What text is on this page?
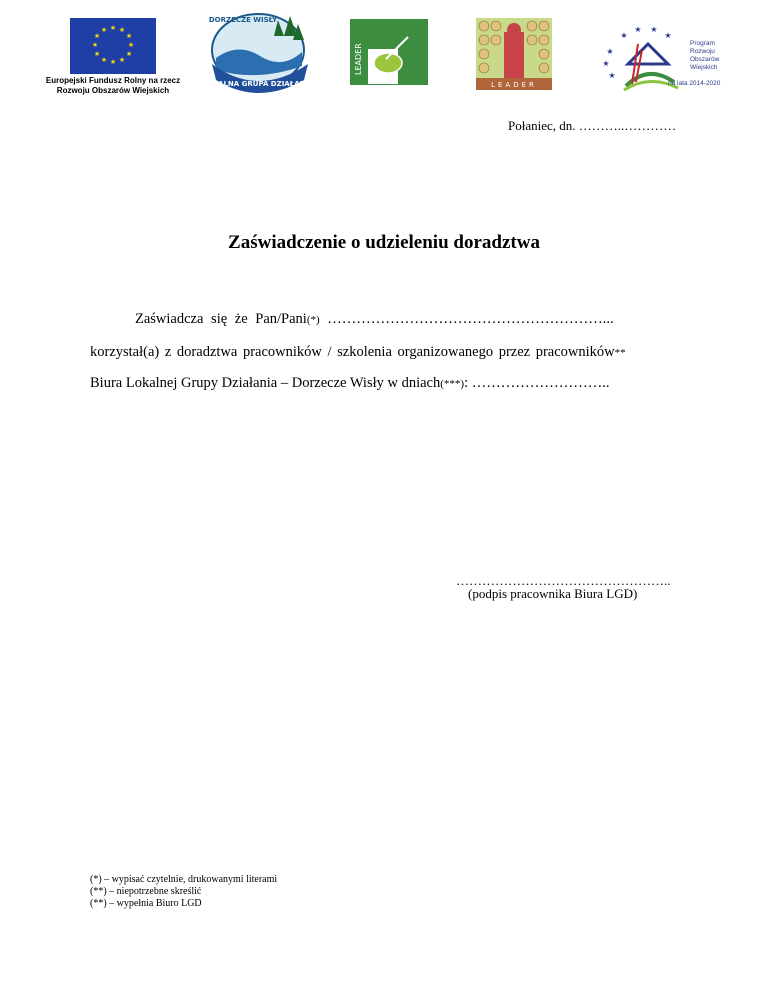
★ ★
★
★
★
★
★
★
★
★
★
★
Europejski Fundusz Rolny na rzecz
Rozwoju Obszarów Wiejskich
LOKALNA GRUPA DZIAŁANIA
DORZECZE WISŁY
LEADER
LEADER
★
★
★
★
★ ★
★
Program
Rozwoju
Obszarów
Wiejskich
na lata 2014-2020
Połaniec, dn. ………..…………
Zaświadczenie o udzieleniu doradztwa
Zaświadcza się że Pan/Pani(*) …………………………………………………...
korzystał(a) z doradztwa pracowników / szkolenia organizowanego przez pracowników**
Biura Lokalnej Grupy Działania – Dorzecze Wisły w dniach(***): ………………………..
…………………………………………..
(podpis pracownika Biura LGD)
(*) – wypisać czytelnie, drukowanymi literami
(**) – niepotrzebne skreślić
(**) – wypełnia Biuro LGD
